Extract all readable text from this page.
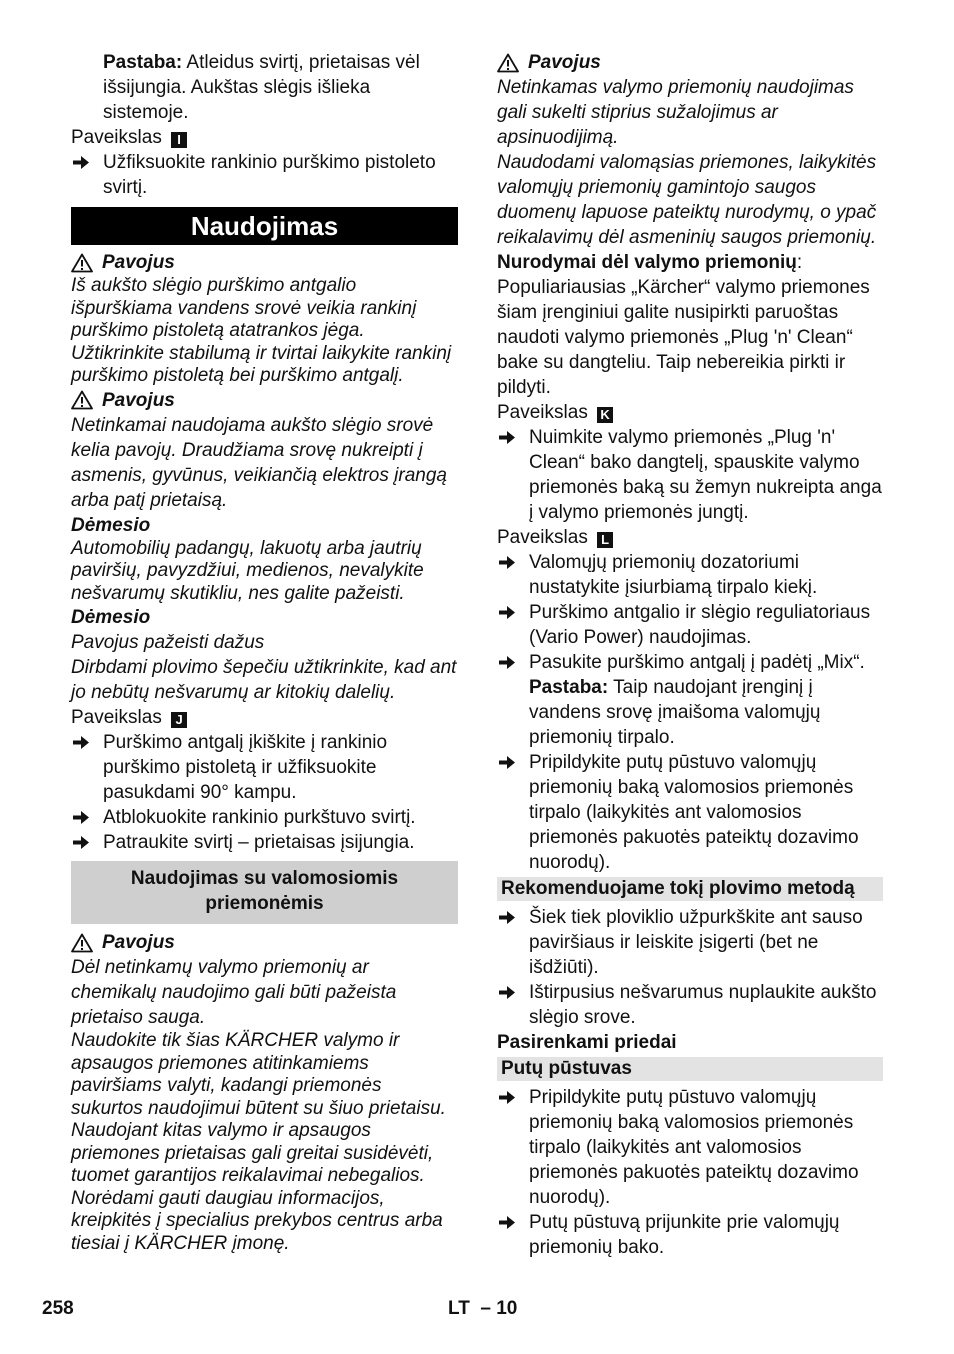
Pastaba: Atleidus svirtį, prietaisas vėl išsijungia. Aukštas slėgis išlieka sistemoje.

Paveikslas I

Užfiksuokite rankinio purškimo pistoleto svirtį.

Naudojimas
Pavojus

Iš aukšto slėgio purškimo antgalio išpurškiama vandens srovė veikia rankinį purškimo pistoletą atatrankos jėga. Užtikrinkite stabilumą ir tvirtai laikykite rankinį purškimo pistoletą bei purškimo antgalį.

Pavojus

Netinkamai naudojama aukšto slėgio srovė kelia pavojų. Draudžiama srovę nukreipti į asmenis, gyvūnus, veikiančią elektros įrangą arba patį prietaisą.

Dėmesio

Automobilių padangų, lakuotų arba jautrių paviršių, pavyzdžiui, medienos, nevalykite nešvarumų skutikliu, nes galite pažeisti.

Dėmesio

Pavojus pažeisti dažus

Dirbdami plovimo šepečiu užtikrinkite, kad ant jo nebūtų nešvarumų ar kitokių dalelių.

Paveikslas J

Purškimo antgalį įkiškite į rankinio purškimo pistoletą ir užfiksuokite pasukdami 90° kampu.

Atblokuokite rankinio purkštuvo svirtį.

Patraukite svirtį – prietaisas įsijungia.

Naudojimas su valomosiomis priemonėmis
Pavojus

Dėl netinkamų valymo priemonių ar chemikalų naudojimo gali būti pažeista prietaiso sauga.

Naudokite tik šias KÄRCHER valymo ir apsaugos priemones atitinkamiems paviršiams valyti, kadangi priemonės sukurtos naudojimui būtent su šiuo prietaisu. Naudojant kitas valymo ir apsaugos priemones prietaisas gali greitai susidėvėti, tuomet garantijos reikalavimai nebegalios. Norėdami gauti daugiau informacijos, kreipkitės į specialius prekybos centrus arba tiesiai į KÄRCHER įmonę.

Pavojus

Netinkamas valymo priemonių naudojimas gali sukelti stiprius sužalojimus ar apsinuodijimą.

Naudodami valomąsias priemones, laikykitės valomųjų priemonių gamintojo saugos duomenų lapuose pateiktų nurodymų, o ypač reikalavimų dėl asmeninių saugos priemonių.

Nurodymai dėl valymo priemonių: Populiariausias „Kärcher“ valymo priemones šiam įrenginiui galite nusipirkti paruoštas naudoti valymo priemonės „Plug 'n' Clean“ bake su dangteliu. Taip nebereikia pirkti ir pildyti.

Paveikslas K

Nuimkite valymo priemonės „Plug 'n' Clean“ bako dangtelį, spauskite valymo priemonės baką su žemyn nukreipta anga į valymo priemonės jungtį.

Paveikslas L

Valomųjų priemonių dozatoriumi nustatykite įsiurbiamą tirpalo kiekį.

Purškimo antgalio ir slėgio reguliatoriaus (Vario Power) naudojimas.

Pasukite purškimo antgalį į padėtį „Mix“.

Pastaba: Taip naudojant įrenginį į vandens srovę įmaišoma valomųjų priemonių tirpalo.

Pripildykite putų pūstuvo valomųjų priemonių baką valomosios priemonės tirpalo (laikykitės ant valomosios priemonės pakuotės pateiktų dozavimo nuorodų).

Rekomenduojame tokį plovimo metodą

Šiek tiek ploviklio užpurkškite ant sauso paviršiaus ir leiskite įsigerti (bet ne išdžiūti).

Ištirpusius nešvarumus nuplaukite aukšto slėgio srove.

Pasirenkami priedai

Putų pūstuvas

Pripildykite putų pūstuvo valomųjų priemonių baką valomosios priemonės tirpalo (laikykitės ant valomosios priemonės pakuotės pateiktų dozavimo nuorodų).

Putų pūstuvą prijunkite prie valomųjų priemonių bako.

258	LT  – 10
